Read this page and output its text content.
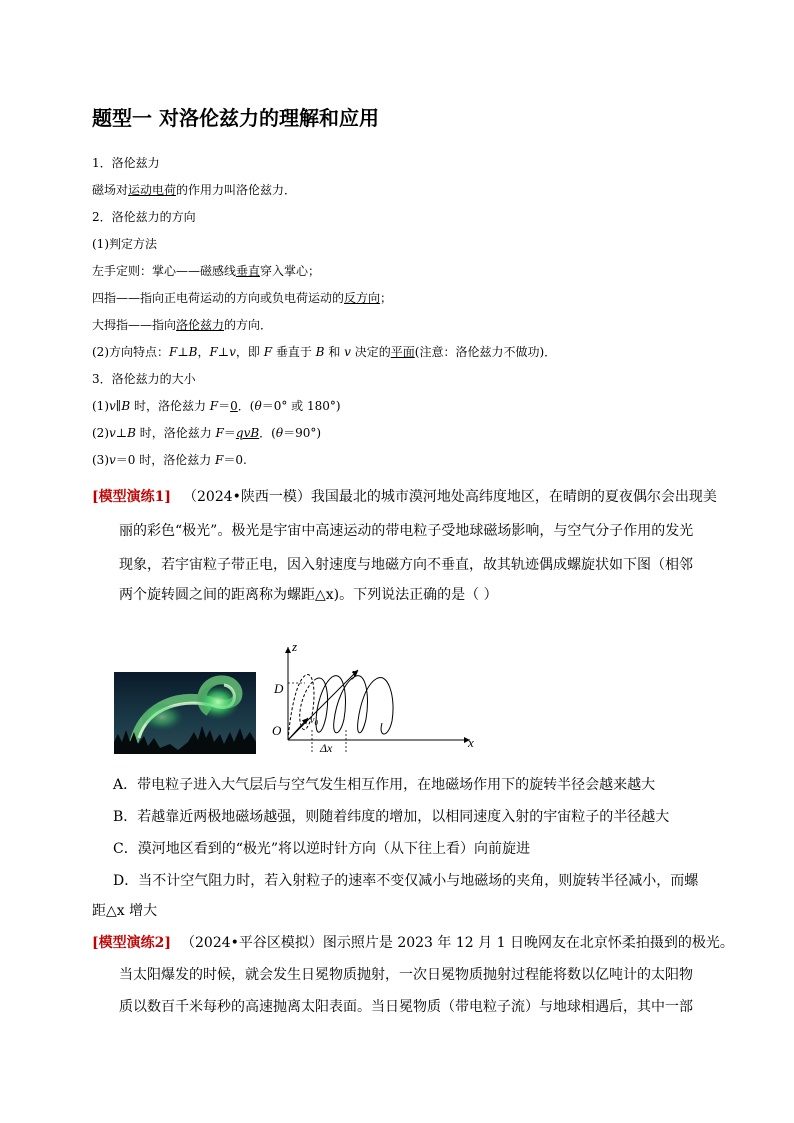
题型一 对洛伦兹力的理解和应用
1．洛伦兹力
磁场对运动电荷的作用力叫洛伦兹力．
2．洛伦兹力的方向
(1)判定方法
左手定则：掌心——磁感线垂直穿入掌心；
四指——指向正电荷运动的方向或负电荷运动的反方向；
大拇指——指向洛伦兹力的方向．
(2)方向特点：F⊥B，F⊥v，即 F 垂直于 B 和 v 决定的平面(注意：洛伦兹力不做功)．
3．洛伦兹力的大小
(1)v∥B 时，洛伦兹力 F＝0．(θ＝0° 或 180°)
(2)v⊥B 时，洛伦兹力 F＝qvB．(θ＝90°)
(3)v＝0 时，洛伦兹力 F＝0.
[模型演练1] （2024•陕西一模）我国最北的城市漠河地处高纬度地区，在晴朗的夏夜偶尔会出现美
丽的彩色“极光”。极光是宇宙中高速运动的带电粒子受地球磁场影响，与空气分子作用的发光
现象，若宇宙粒子带正电，因入射速度与地磁方向不垂直，故其轨迹偶成螺旋状如下图（相邻
两个旋转圆之间的距离称为螺距△x)。下列说法正确的是（ ）
z
y
x
D
O
$v_0$
Δx
A．带电粒子进入大气层后与空气发生相互作用，在地磁场作用下的旋转半径会越来越大
B．若越靠近两极地磁场越强，则随着纬度的增加，以相同速度入射的宇宙粒子的半径越大
C．漠河地区看到的“极光”将以逆时针方向（从下往上看）向前旋进
D．当不计空气阻力时，若入射粒子的速率不变仅减小与地磁场的夹角，则旋转半径减小，而螺
距△x 增大
[模型演练2] （2024•平谷区模拟）图示照片是 2023 年 12 月 1 日晚网友在北京怀柔拍摄到的极光。
当太阳爆发的时候，就会发生日冕物质抛射，一次日冕物质抛射过程能将数以亿吨计的太阳物
质以数百千米每秒的高速抛离太阳表面。当日冕物质（带电粒子流）与地球相遇后，其中一部
